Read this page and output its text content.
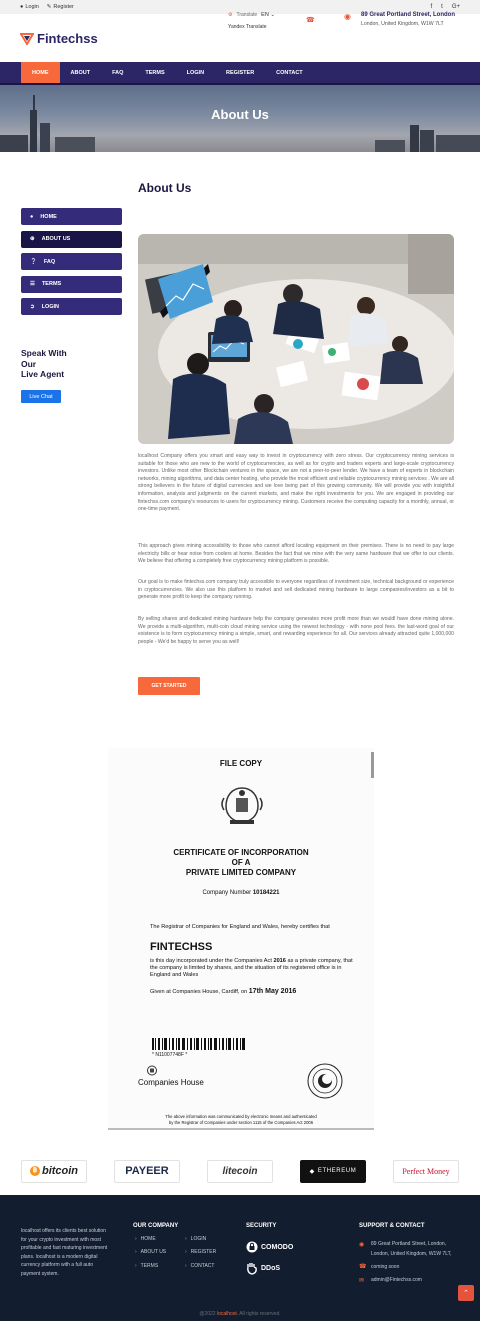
● Login ✎ Register	f t G+
Fintechss
⚙ Translate EN ⌄
Yandex Translate
☎	◉ 89 Great Portland Street, London
London, United Kingdom, W1W 7LT
HOME	ABOUT	FAQ	TERMS	LOGIN	REGISTER	CONTACT
About Us
● HOME
⊕ ABOUT US
❔ FAQ
☰ TERMS
➲ LOGIN
Speak With
Our
Live Agent
Live Chat
About Us
localhost Company offers you smart and easy way to invest in cryptocurrency with zero stress. Our cryptocurrency mining services is suitable for those who are new to the world of cryptocurrencies, as well as for crypto and traders experts and large-scale cryptocurrency investors. Unlike most other Blockchain ventures in the space, we are not a peer-to-peer lender. We have a team of experts in blockchain networks, mining algorithms, and data center hosting, who provide the most efficient and reliable cryptocurrency mining services . We are all strong believers in the future of digital currencies and we love being part of this growing community. We will provide you with insightful information, analysis and judgments on the current markets, and make the right investments for you. We are engaged in providing our fintechss.com company's resources to users for cryptocurrency mining. Customers receive the computing capacity for a monthly, annual, or one-time payment.
This approach gives mining accessibility to those who cannot afford locating equipment on their premises. There is no need to pay large electricity bills or hear noise from coolers at home. Besides the fact that we mine with the very same hardware that we offer to our clients. We believe that offering a completely free cryptocurrency mining platform is possible.
Our goal is to make fintechss.com company truly accessible to everyone regardless of investment size, technical background or experience in cryptocurrencies. We also use this platform to market and sell dedicated mining hardware to large companies/investors as a bit to generate more profit to keep the company running.
By selling shares and dedicated mining hardware help the company generates more profit more than we wouldl have done mining alone. We provide a multi-algorithm, multi-coin cloud mining service using the newest technology - with none pool fees. the last-word goal of our existence is to form cryptocurrency mining a simple, smart, and rewarding experience for all. Our services already attracted quite 1,000,000 people - We'd be happy to serve you as well!
GET STARTED
FILE COPY
CERTIFICATE OF INCORPORATION
OF A
PRIVATE LIMITED COMPANY
Company Number 10184221
The Registrar of Companies for England and Wales, hereby certifies that
FINTECHSS
is this day incorporated under the Companies Act 2016 as a private company, that the company is limited by shares, and the situation of its registered office is in England and Wales
Given at Companies House, Cardiff, on 17th May 2016
* N11007748F *
Companies House
The above information was communicated by electronic means and authenticated
by the Registrar of Companies under section 1115 of the Companies Act 2006
฿ bitcoin	PAYEER	litecoin	◆ ETHEREUM	Perfect Money
localhost offers its clients best solution for your crypto investment with most profitable and fast maturing investment plans. localhost is a modern digital currency platform with a full auto payment system.
OUR COMPANY
› HOME
› ABOUT US
› TERMS
› LOGIN
› REGISTER
› CONTACT
SECURITY
COMODO
DDoS
SUPPORT & CONTACT
◉	89 Great Portland Street, London,
London, United Kingdom, W1W 7LT,
☎ coming soon
✉	admin@Fintechss.com
@2022 localhost. All rights reserved.
⌃
